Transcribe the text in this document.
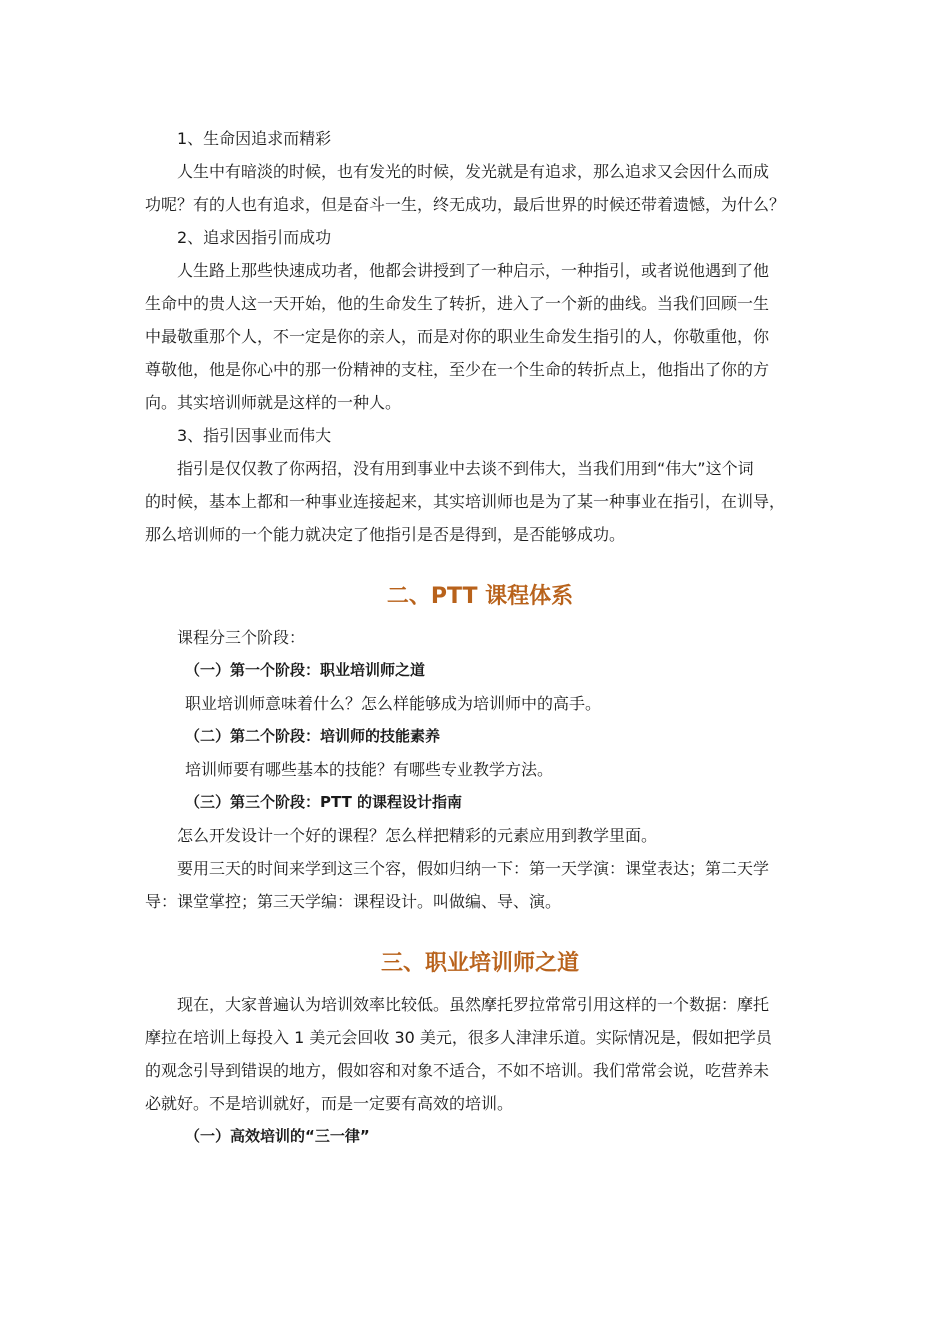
1、生命因追求而精彩

人生中有暗淡的时候，也有发光的时候，发光就是有追求，那么追求又会因什么而成
功呢？有的人也有追求，但是奋斗一生，终无成功，最后世界的时候还带着遗憾，为什么？

2、追求因指引而成功

人生路上那些快速成功者，他都会讲授到了一种启示，一种指引，或者说他遇到了他
生命中的贵人这一天开始，他的生命发生了转折，进入了一个新的曲线。当我们回顾一生
中最敬重那个人，不一定是你的亲人，而是对你的职业生命发生指引的人，你敬重他，你
尊敬他，他是你心中的那一份精神的支柱，至少在一个生命的转折点上，他指出了你的方
向。其实培训师就是这样的一种人。

3、指引因事业而伟大

指引是仅仅教了你两招，没有用到事业中去谈不到伟大，当我们用到“伟大”这个词
的时候，基本上都和一种事业连接起来，其实培训师也是为了某一种事业在指引，在训导，
那么培训师的一个能力就决定了他指引是否是得到，是否能够成功。
二、PTT 课程体系

课程分三个阶段：

（一）第一个阶段：职业培训师之道

职业培训师意味着什么？怎么样能够成为培训师中的高手。

（二）第二个阶段：培训师的技能素养

培训师要有哪些基本的技能？有哪些专业教学方法。

（三）第三个阶段：PTT 的课程设计指南

怎么开发设计一个好的课程？怎么样把精彩的元素应用到教学里面。

要用三天的时间来学到这三个容，假如归纳一下：第一天学演：课堂表达；第二天学
导：课堂掌控；第三天学编：课程设计。叫做编、导、演。
三、职业培训师之道
现在，大家普遍认为培训效率比较低。虽然摩托罗拉常常引用这样的一个数据：摩托
摩拉在培训上每投入 1 美元会回收 30 美元，很多人津津乐道。实际情况是，假如把学员
的观念引导到错误的地方，假如容和对象不适合，不如不培训。我们常常会说，吃营养未
必就好。不是培训就好，而是一定要有高效的培训。

（一）高效培训的“三一律”
